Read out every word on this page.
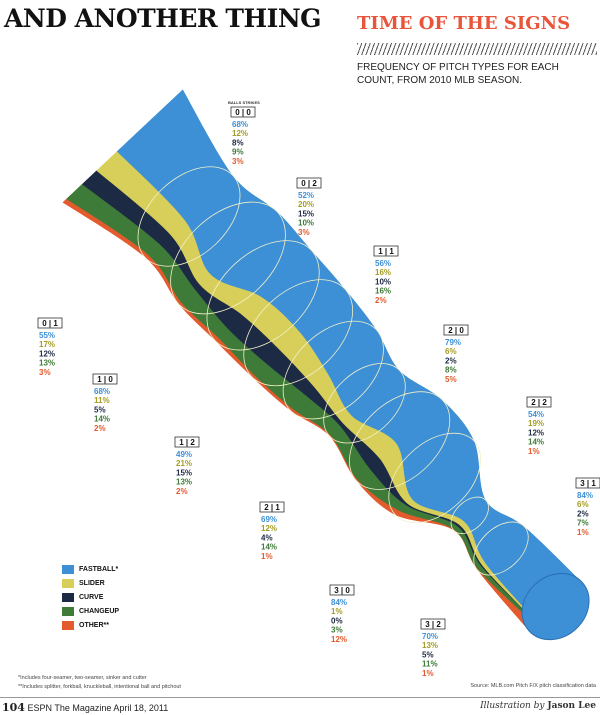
AND ANOTHER THING TIME OF THE SIGNS
FREQUENCY OF PITCH TYPES FOR EACH COUNT, FROM 2010 MLB SEASON.
0 | 0
68%
12%
8%
9%
3%
0 | 1
55%
17%
12%
13%
3%
0 | 2
52%
20%
15%
10%
3%
1 | 0
68%
11%
5%
14%
2%
1 | 1
56%
16%
10%
16%
2%
1 | 2
49%
21%
15%
13%
2%
2 | 0
79%
6%
2%
8%
5%
2 | 1
69%
12%
4%
14%
1%
2 | 2
54%
19%
12%
14%
1%
3 | 0
84%
1%
0%
3%
12%
3 | 1
84%
6%
2%
7%
1%
3 | 2
70%
13%
5%
11%
1%
BALLS STRIKES
FASTBALL*
SLIDER
CURVE
CHANGEUP
OTHER**
*Includes four-seamer, two-seamer, sinker and cutter
**Includes splitter, forkball, knuckleball, intentional ball and pitchout	Source: MLB.com Pitch F/X pitch classification data
104 ESPN The Magazine April 18, 2011	Illustration by Jason Lee
